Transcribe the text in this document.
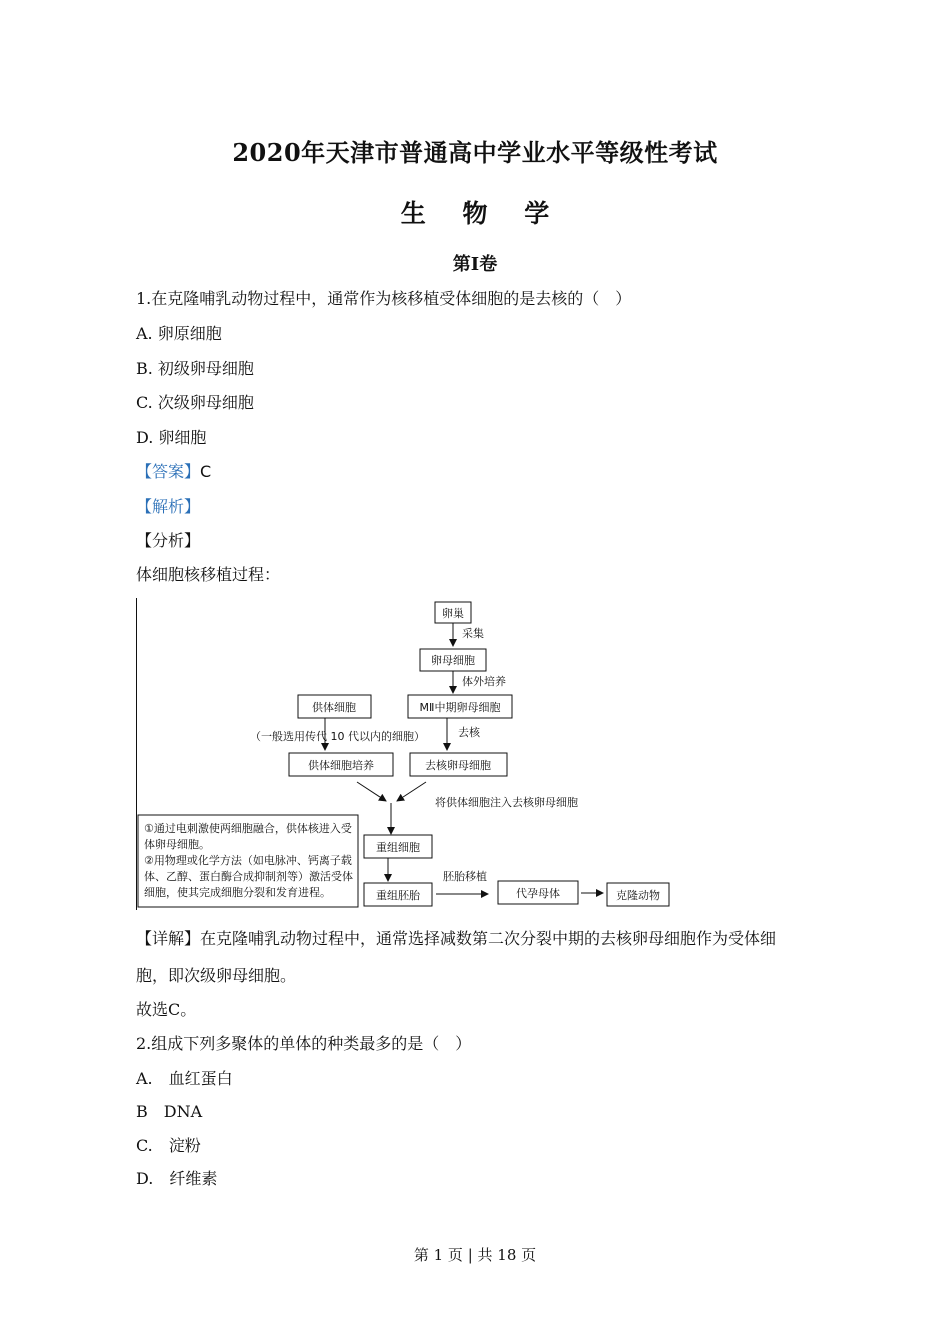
2020年天津市普通高中学业水平等级性考试
生 物 学
第Ⅰ卷
1.在克隆哺乳动物过程中，通常作为核移植受体细胞的是去核的（　）
A. 卵原细胞
B. 初级卵母细胞
C. 次级卵母细胞
D. 卵细胞
【答案】C
【解析】
【分析】
体细胞核移植过程：
卵巢
采集
卵母细胞
体外培养
MⅡ中期卵母细胞
去核
去核卵母细胞
供体细胞
（一般选用传代 10 代以内的细胞）
供体细胞培养
将供体细胞注入去核卵母细胞
①通过电刺激使两细胞融合，供体核进入受
体卵母细胞。
②用物理或化学方法（如电脉冲、钙离子载
体、乙醇、蛋白酶合成抑制剂等）激活受体
细胞，使其完成细胞分裂和发育进程。
重组细胞
重组胚胎
胚胎移植
代孕母体	克隆动物
【详解】在克隆哺乳动物过程中，通常选择减数第二次分裂中期的去核卵母细胞作为受体细
胞，即次级卵母细胞。
故选C。
2.组成下列多聚体的单体的种类最多的是（　）
A.　血红蛋白
B　DNA
C.　淀粉
D.　纤维素
第 1 页 | 共 18 页
